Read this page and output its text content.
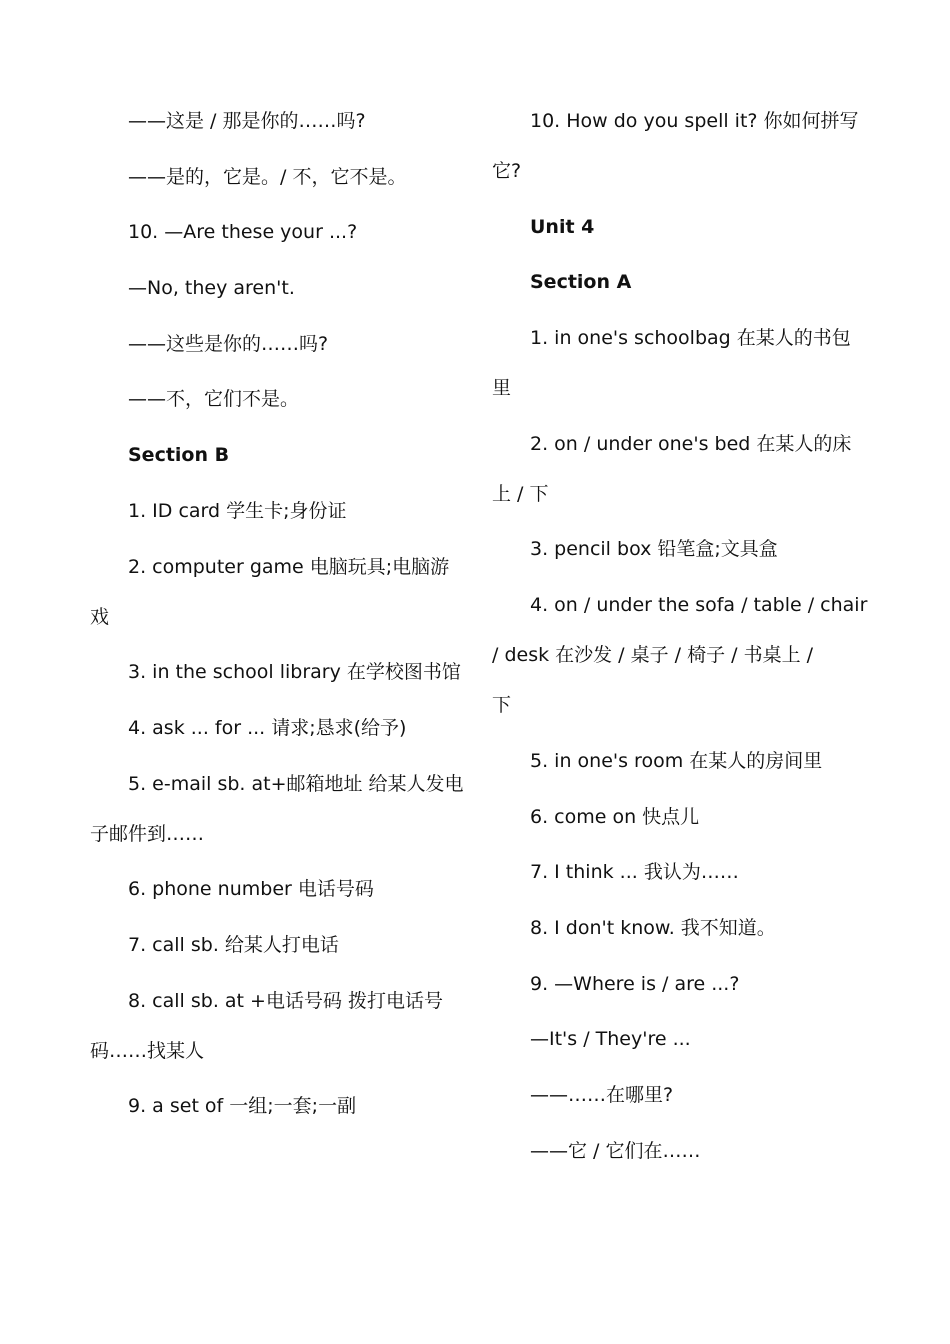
——这是 / 那是你的……吗?
——是的，它是。/ 不，它不是。
10. —Are these your ...?
—No, they aren't.
——这些是你的……吗?
——不，它们不是。
Section B
1. ID card 学生卡;身份证
2. computer game 电脑玩具;电脑游
戏
3. in the school library 在学校图书馆
4. ask ... for ... 请求;恳求(给予)
5. e-mail sb. at+邮箱地址 给某人发电
子邮件到……
6. phone number 电话号码
7. call sb. 给某人打电话
8. call sb. at +电话号码 拨打电话号
码……找某人
9. a set of 一组;一套;一副
10. How do you spell it? 你如何拼写
它?
Unit 4
Section A
1. in one's schoolbag 在某人的书包
里
2. on / under one's bed 在某人的床
上 / 下
3. pencil box 铅笔盒;文具盒
4. on / under the sofa / table / chair
/ desk 在沙发 / 桌子 / 椅子 / 书桌上 /
下
5. in one's room 在某人的房间里
6. come on 快点儿
7. I think ... 我认为……
8. I don't know. 我不知道。
9. —Where is / are ...?
—It's / They're ...
——……在哪里?
——它 / 它们在……
